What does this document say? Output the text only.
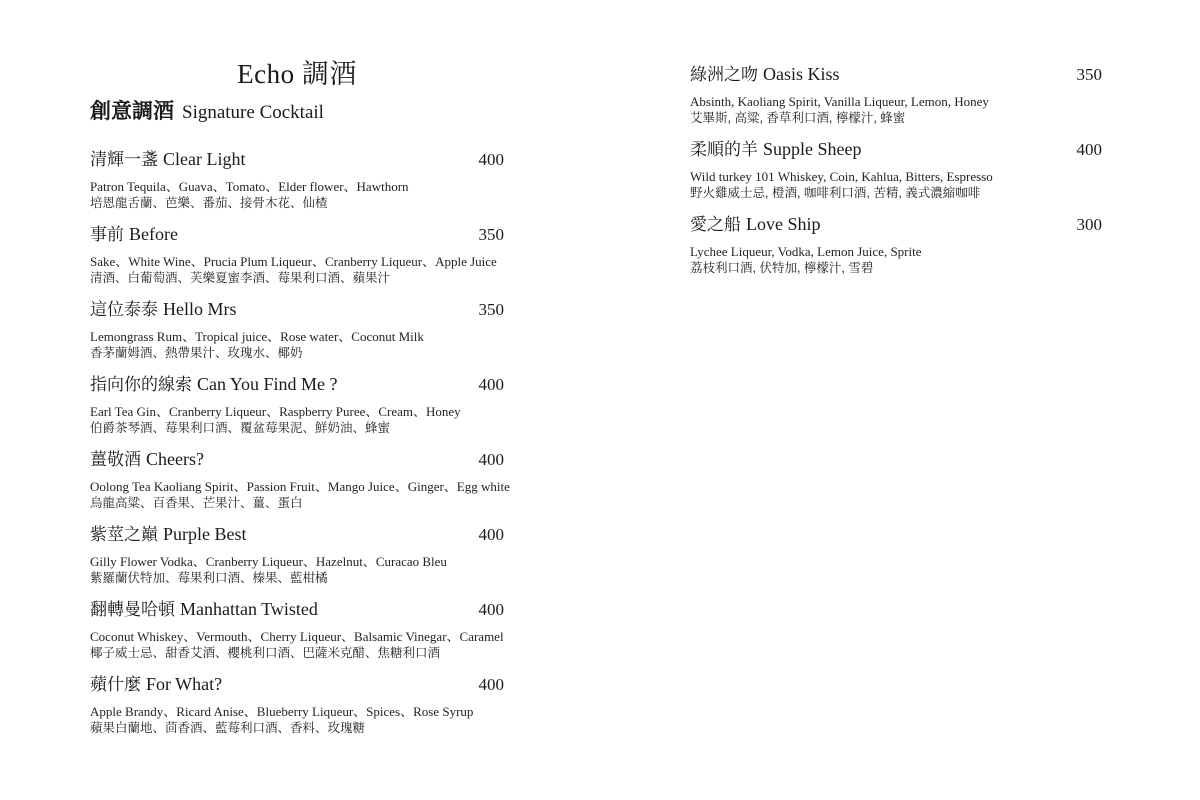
Echo 調酒
創意調酒 Signature Cocktail
清輝一盞 Clear Light	400
Patron Tequila、Guava、Tomato、Elder flower、Hawthorn
培恩龍舌蘭、芭樂、番茄、接骨木花、仙楂
事前 Before	350
Sake、White Wine、Prucia Plum Liqueur、Cranberry Liqueur、Apple Juice
清酒、白葡萄酒、芙樂夏蜜李酒、莓果利口酒、蘋果汁
這位泰泰 Hello Mrs	350
Lemongrass Rum、Tropical juice、Rose water、Coconut Milk
香茅蘭姆酒、熱帶果汁、玫瑰水、椰奶
指向你的線索 Can You Find Me ?	400
Earl Tea Gin、Cranberry Liqueur、Raspberry Puree、Cream、Honey
伯爵茶琴酒、莓果利口酒、覆盆莓果泥、鮮奶油、蜂蜜
薑敬酒 Cheers?	400
Oolong Tea Kaoliang Spirit、Passion Fruit、Mango Juice、Ginger、Egg white
烏龍高粱、百香果、芒果汁、薑、蛋白
紫莖之巔 Purple Best	400
Gilly Flower Vodka、Cranberry Liqueur、Hazelnut、Curacao Bleu
紫羅蘭伏特加、莓果利口酒、榛果、藍柑橘
翻轉曼哈頓 Manhattan Twisted	400
Coconut Whiskey、Vermouth、Cherry Liqueur、Balsamic Vinegar、Caramel
椰子威士忌、甜香艾酒、櫻桃利口酒、巴薩米克醋、焦糖利口酒
蘋什麼 For What?	400
Apple Brandy、Ricard Anise、Blueberry Liqueur、Spices、Rose Syrup
蘋果白蘭地、茴香酒、藍莓利口酒、香料、玫瑰糖
綠洲之吻 Oasis Kiss	350
Absinth, Kaoliang Spirit, Vanilla Liqueur, Lemon, Honey
艾畢斯, 高粱, 香草利口酒, 檸檬汁, 蜂蜜
柔順的羊 Supple Sheep	400
Wild turkey 101 Whiskey, Coin, Kahlua, Bitters, Espresso
野火雞威士忌, 橙酒, 咖啡利口酒, 苦精, 義式濃縮咖啡
愛之船 Love Ship	300
Lychee Liqueur, Vodka, Lemon Juice, Sprite
荔枝利口酒, 伏特加, 檸檬汁, 雪碧
